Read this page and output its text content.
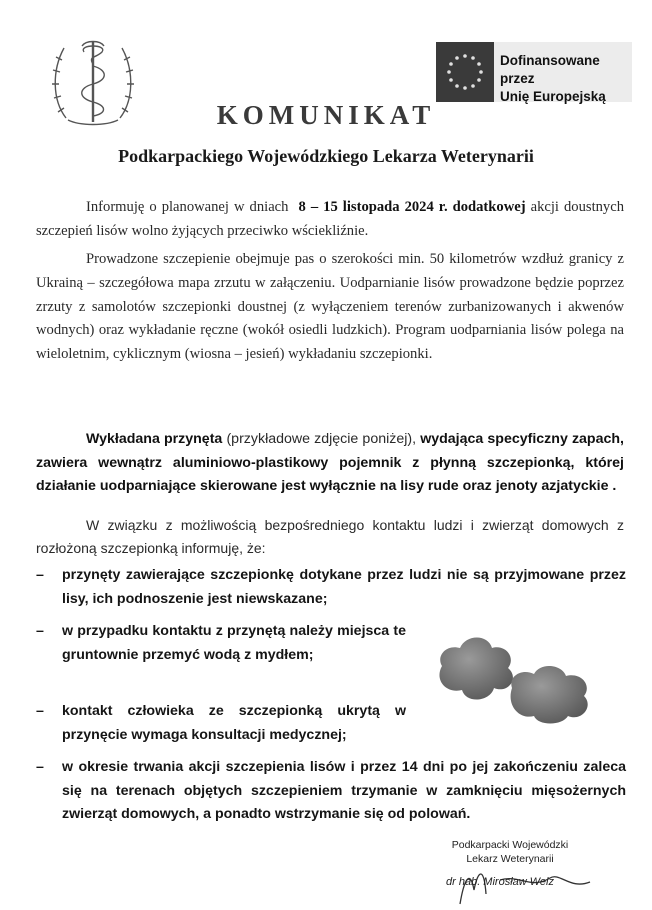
Dofinansowane przez
Unię Europejską
KOMUNIKAT
Podkarpackiego Wojewódzkiego Lekarza Weterynarii
Informuję o planowanej w dniach 8 – 15 listopada 2024 r. dodatkowej akcji doustnych szczepień lisów wolno żyjących przeciwko wściekliźnie.
Prowadzone szczepienie obejmuje pas o szerokości min. 50 kilometrów wzdłuż granicy z Ukrainą – szczegółowa mapa zrzutu w załączeniu. Uodparnianie lisów prowadzone będzie poprzez zrzuty z samolotów szczepionki doustnej (z wyłączeniem terenów zurbanizowanych i akwenów wodnych) oraz wykładanie ręczne (wokół osiedli ludzkich). Program uodparniania lisów polega na wieloletnim, cyklicznym (wiosna – jesień) wykładaniu szczepionki.
Wykładana przynęta (przykładowe zdjęcie poniżej), wydająca specyficzny zapach, zawiera wewnątrz aluminiowo-plastikowy pojemnik z płynną szczepionką, której działanie uodparniające skierowane jest wyłącznie na lisy rude oraz jenoty azjatyckie .
W związku z możliwością bezpośredniego kontaktu ludzi i zwierząt domowych z rozłożoną szczepionką informuję, że:
– przynęty zawierające szczepionkę dotykane przez ludzi nie są przyjmowane przez lisy, ich podnoszenie jest niewskazane;
– w przypadku kontaktu z przynętą należy miejsca te gruntownie przemyć wodą z mydłem;
– kontakt człowieka ze szczepionką ukrytą w przynęcie wymaga konsultacji medycznej;
– w okresie trwania akcji szczepienia lisów i przez 14 dni po jej zakończeniu zaleca się na terenach objętych szczepieniem trzymanie w zamknięciu mięsożernych zwierząt domowych, a ponadto wstrzymanie się od polowań.
Podkarpacki Wojewódzki
Lekarz Weterynarii
dr hab. Mirosław Welz
